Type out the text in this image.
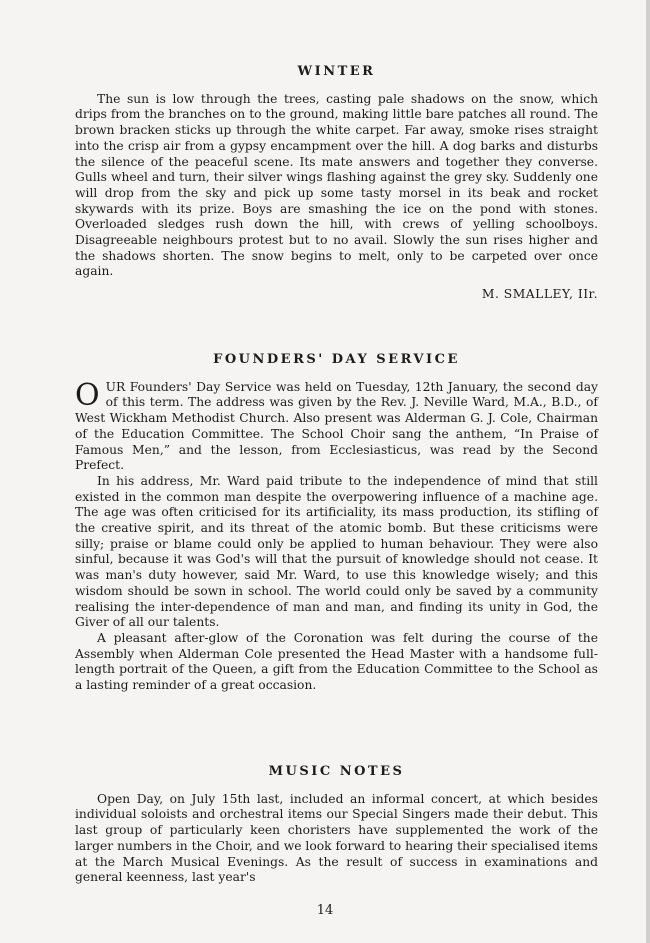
WINTER

The sun is low through the trees, casting pale shadows on the snow, which drips from the branches on to the ground, making little bare patches all round. The brown bracken sticks up through the white carpet. Far away, smoke rises straight into the crisp air from a gypsy encampment over the hill. A dog barks and disturbs the silence of the peaceful scene. Its mate answers and together they converse. Gulls wheel and turn, their silver wings flashing against the grey sky. Suddenly one will drop from the sky and pick up some tasty morsel in its beak and rocket skywards with its prize. Boys are smashing the ice on the pond with stones. Overloaded sledges rush down the hill, with crews of yelling schoolboys. Disagreeable neighbours protest but to no avail. Slowly the sun rises higher and the shadows shorten. The snow begins to melt, only to be carpeted over once again.

M. SMALLEY, IIr.
FOUNDERS' DAY SERVICE

OUR Founders' Day Service was held on Tuesday, 12th January, the second day of this term. The address was given by the Rev. J. Neville Ward, M.A., B.D., of West Wickham Methodist Church. Also present was Alderman G. J. Cole, Chairman of the Education Committee. The School Choir sang the anthem, “In Praise of Famous Men,” and the lesson, from Ecclesiasticus, was read by the Second Prefect.

In his address, Mr. Ward paid tribute to the independence of mind that still existed in the common man despite the overpowering influence of a machine age. The age was often criticised for its artificiality, its mass production, its stifling of the creative spirit, and its threat of the atomic bomb. But these criticisms were silly; praise or blame could only be applied to human behaviour. They were also sinful, because it was God's will that the pursuit of knowledge should not cease. It was man's duty however, said Mr. Ward, to use this knowledge wisely; and this wisdom should be sown in school. The world could only be saved by a community realising the inter-dependence of man and man, and finding its unity in God, the Giver of all our talents.

A pleasant after-glow of the Coronation was felt during the course of the Assembly when Alderman Cole presented the Head Master with a handsome full-length portrait of the Queen, a gift from the Education Committee to the School as a lasting reminder of a great occasion.

MUSIC NOTES

Open Day, on July 15th last, included an informal concert, at which besides individual soloists and orchestral items our Special Singers made their debut. This last group of particularly keen choristers have supplemented the work of the larger numbers in the Choir, and we look forward to hearing their specialised items at the March Musical Evenings. As the result of success in examinations and general keenness, last year's

14
